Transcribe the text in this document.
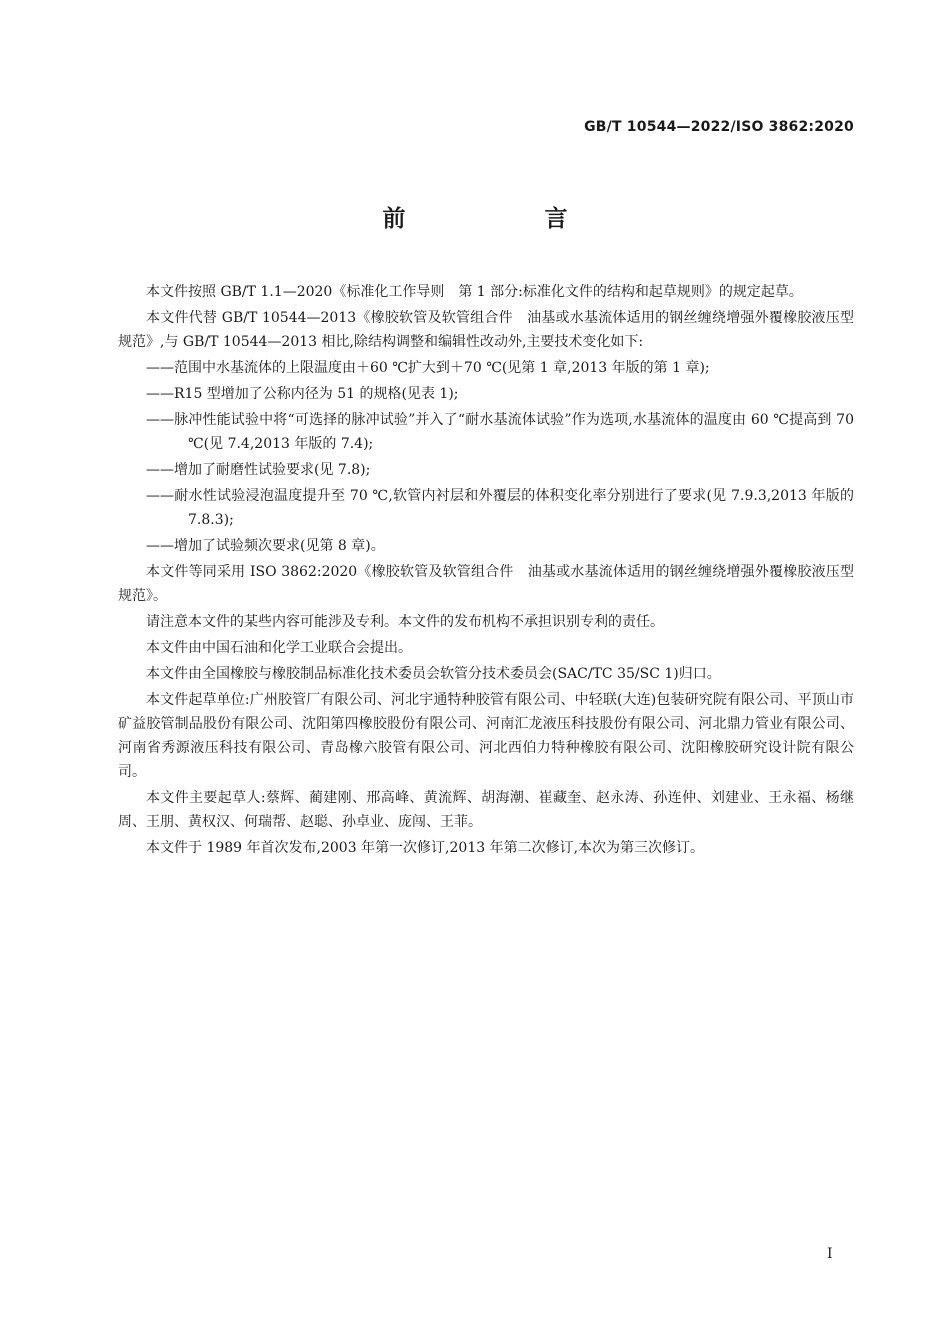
GB/T 10544—2022/ISO 3862:2020
前　言

本文件按照 GB/T 1.1—2020《标准化工作导则　第 1 部分:标准化文件的结构和起草规则》的规定起草。

本文件代替 GB/T 10544—2013《橡胶软管及软管组合件　油基或水基流体适用的钢丝缠绕增强外覆橡胶液压型　规范》,与 GB/T 10544—2013 相比,除结构调整和编辑性改动外,主要技术变化如下:

——范围中水基流体的上限温度由＋60 ℃扩大到＋70 ℃(见第 1 章,2013 年版的第 1 章);

——R15 型增加了公称内径为 51 的规格(见表 1);

——脉冲性能试验中将“可选择的脉冲试验”并入了“耐水基流体试验”作为选项,水基流体的温度由 60 ℃提高到 70 ℃(见 7.4,2013 年版的 7.4);

——增加了耐磨性试验要求(见 7.8);

——耐水性试验浸泡温度提升至 70 ℃,软管内衬层和外覆层的体积变化率分别进行了要求(见 7.9.3,2013 年版的 7.8.3);

——增加了试验频次要求(见第 8 章)。

本文件等同采用 ISO 3862:2020《橡胶软管及软管组合件　油基或水基流体适用的钢丝缠绕增强外覆橡胶液压型 规范》。

请注意本文件的某些内容可能涉及专利。本文件的发布机构不承担识别专利的责任。

本文件由中国石油和化学工业联合会提出。

本文件由全国橡胶与橡胶制品标准化技术委员会软管分技术委员会(SAC/TC 35/SC 1)归口。

本文件起草单位:广州胶管厂有限公司、河北宇通特种胶管有限公司、中轻联(大连)包装研究院有限公司、平顶山市矿益胶管制品股份有限公司、沈阳第四橡胶股份有限公司、河南汇龙液压科技股份有限公司、河北鼎力管业有限公司、河南省秀源液压科技有限公司、青岛橡六胶管有限公司、河北西伯力特种橡胶有限公司、沈阳橡胶研究设计院有限公司。

本文件主要起草人:蔡辉、蔺建刚、邢高峰、黄流辉、胡海潮、崔藏奎、赵永涛、孙连仲、刘建业、王永福、杨继周、王朋、黄权汉、何瑞帮、赵聪、孙卓业、庞闯、王菲。

本文件于 1989 年首次发布,2003 年第一次修订,2013 年第二次修订,本次为第三次修订。

I
